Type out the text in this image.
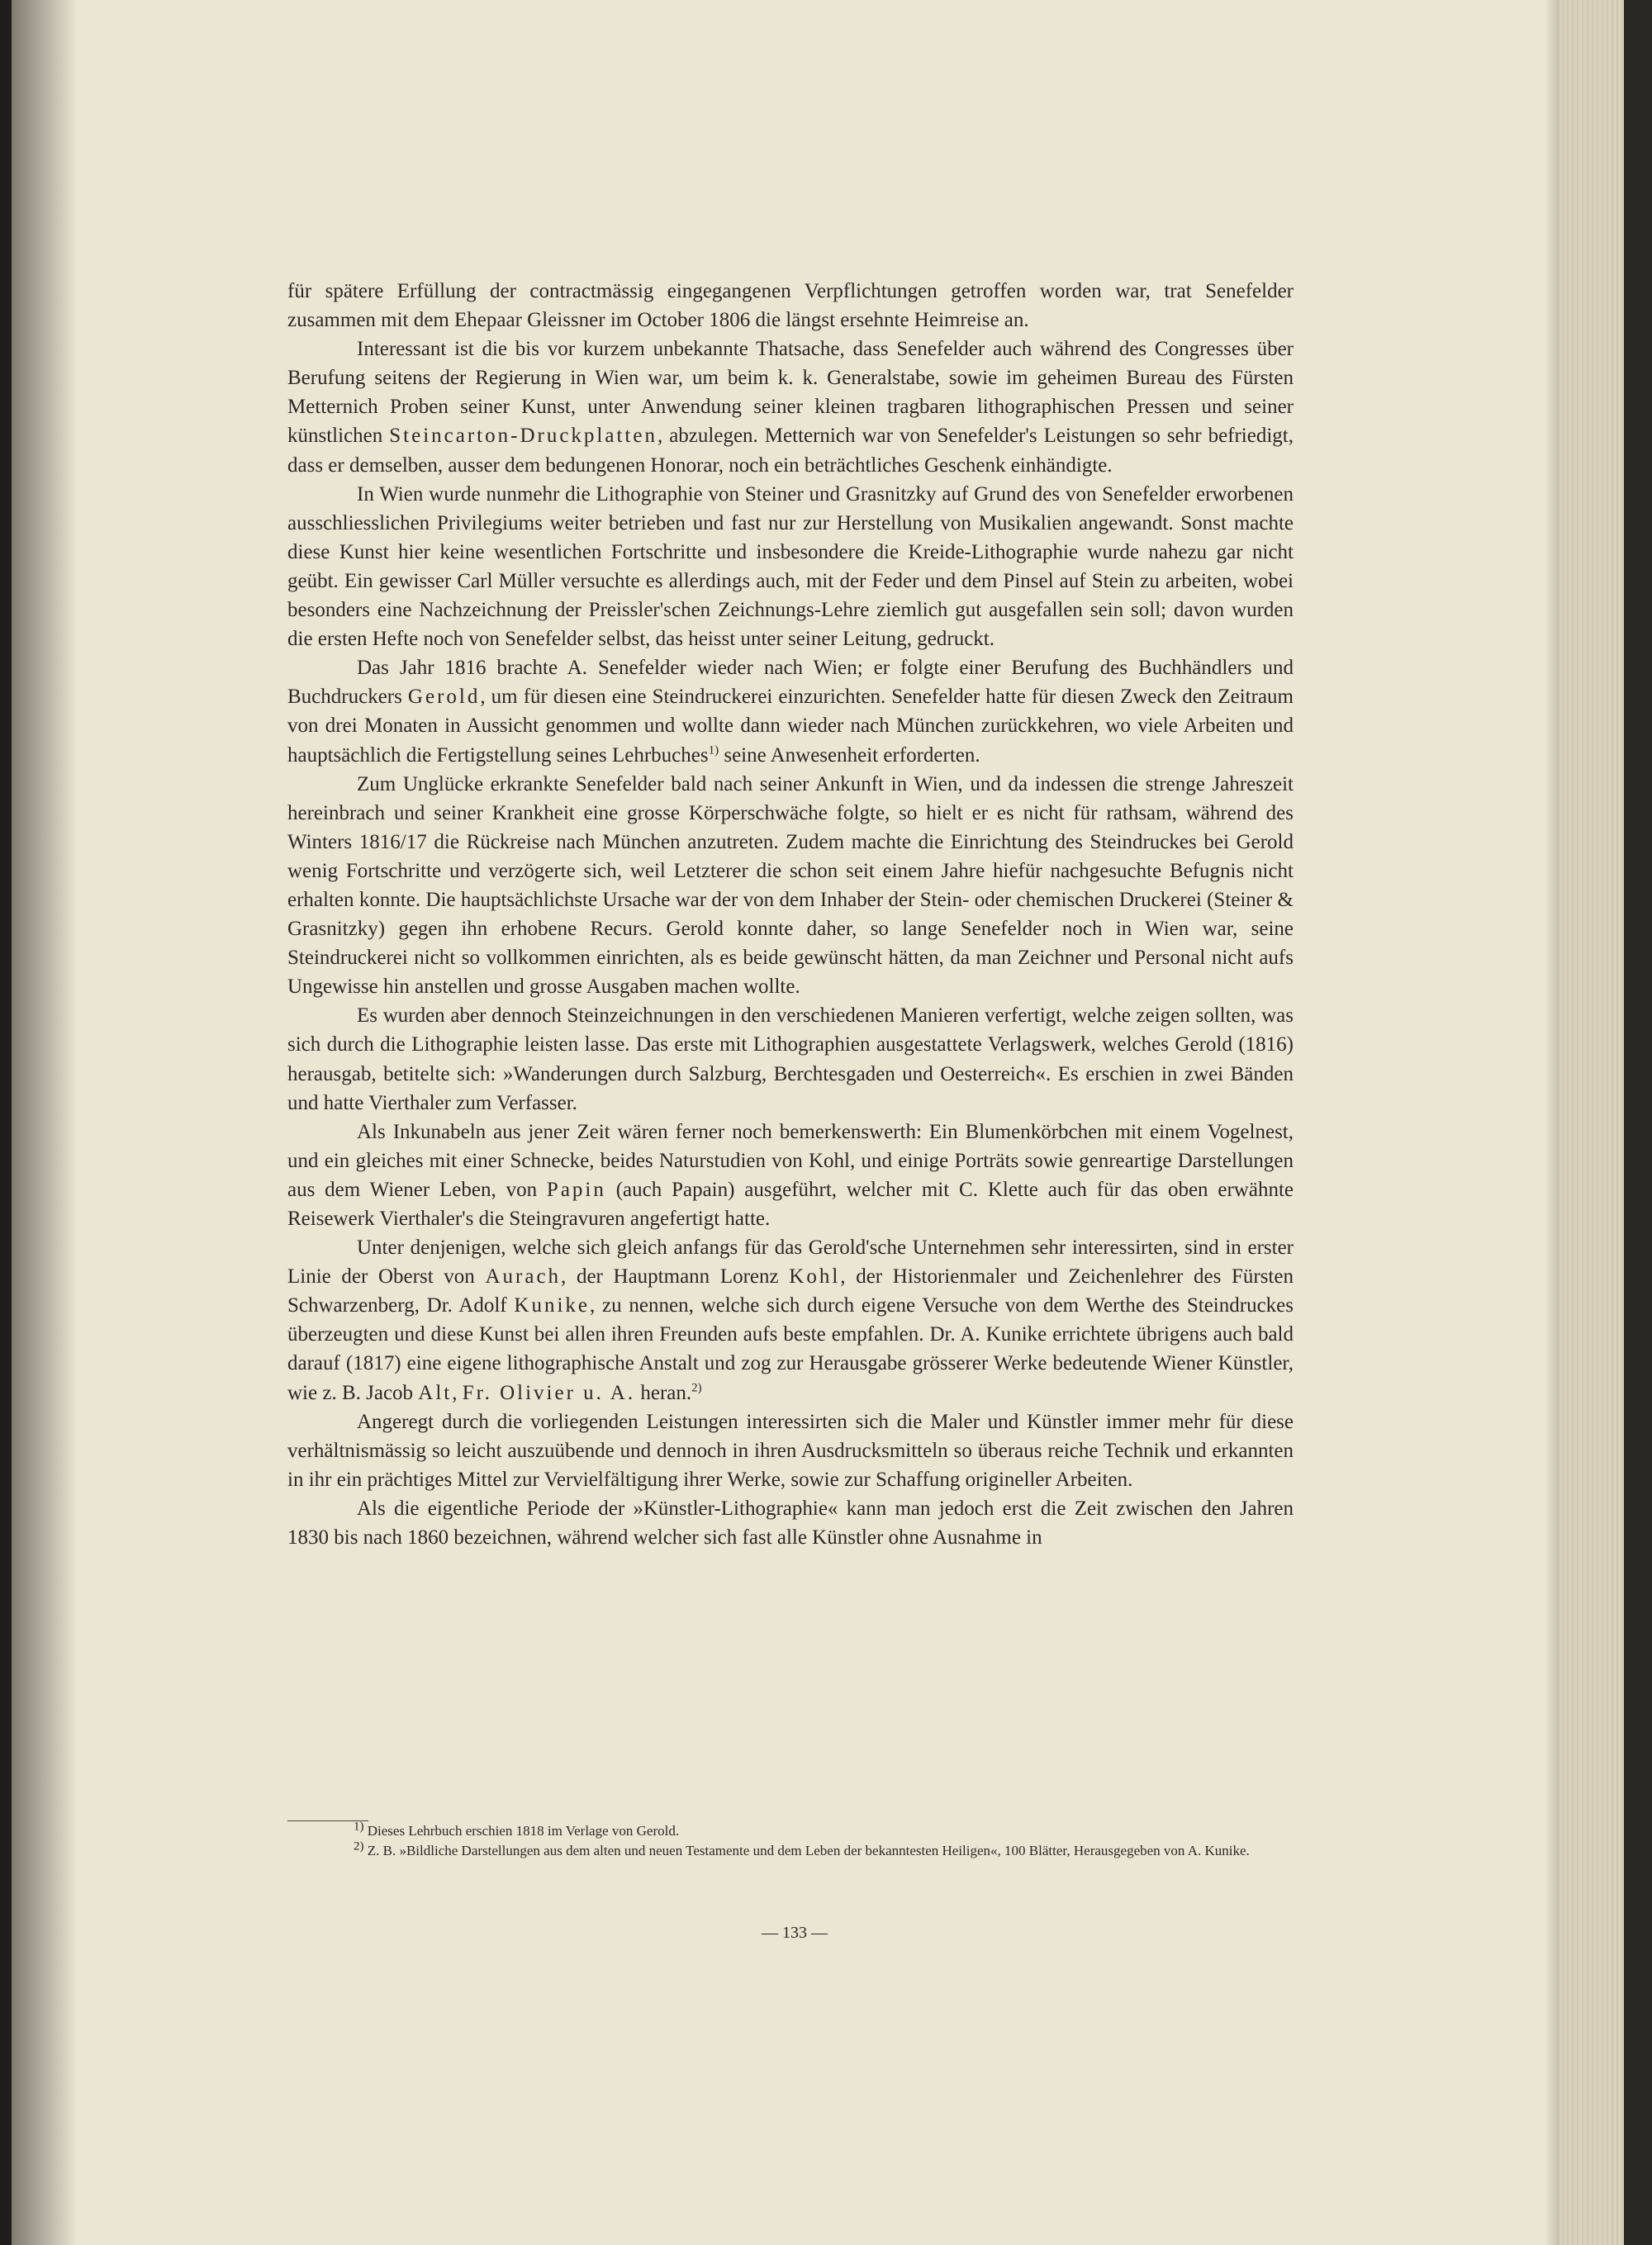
für spätere Erfüllung der contractmässig eingegangenen Verpflichtungen getroffen worden war, trat Senefelder zusammen mit dem Ehepaar Gleissner im October 1806 die längst ersehnte Heimreise an.

Interessant ist die bis vor kurzem unbekannte Thatsache, dass Senefelder auch während des Congresses über Berufung seitens der Regierung in Wien war, um beim k. k. Generalstabe, sowie im geheimen Bureau des Fürsten Metternich Proben seiner Kunst, unter Anwendung seiner kleinen tragbaren lithographischen Pressen und seiner künstlichen Steincarton-Druckplatten, abzulegen. Metternich war von Senefelder's Leistungen so sehr befriedigt, dass er demselben, ausser dem bedungenen Honorar, noch ein beträchtliches Geschenk einhändigte.

In Wien wurde nunmehr die Lithographie von Steiner und Grasnitzky auf Grund des von Senefelder erworbenen ausschliesslichen Privilegiums weiter betrieben und fast nur zur Herstellung von Musikalien angewandt. Sonst machte diese Kunst hier keine wesentlichen Fortschritte und insbesondere die Kreide-Lithographie wurde nahezu gar nicht geübt. Ein gewisser Carl Müller versuchte es allerdings auch, mit der Feder und dem Pinsel auf Stein zu arbeiten, wobei besonders eine Nachzeichnung der Preissler'schen Zeichnungs-Lehre ziemlich gut ausgefallen sein soll; davon wurden die ersten Hefte noch von Senefelder selbst, das heisst unter seiner Leitung, gedruckt.

Das Jahr 1816 brachte A. Senefelder wieder nach Wien; er folgte einer Berufung des Buchhändlers und Buchdruckers Gerold, um für diesen eine Steindruckerei einzurichten. Senefelder hatte für diesen Zweck den Zeitraum von drei Monaten in Aussicht genommen und wollte dann wieder nach München zurückkehren, wo viele Arbeiten und hauptsächlich die Fertigstellung seines Lehrbuches$^{1)}$ seine Anwesenheit erforderten.

Zum Unglücke erkrankte Senefelder bald nach seiner Ankunft in Wien, und da indessen die strenge Jahreszeit hereinbrach und seiner Krankheit eine grosse Körperschwäche folgte, so hielt er es nicht für rathsam, während des Winters 1816/17 die Rückreise nach München anzutreten. Zudem machte die Einrichtung des Steindruckes bei Gerold wenig Fortschritte und verzögerte sich, weil Letzterer die schon seit einem Jahre hiefür nachgesuchte Befugnis nicht erhalten konnte. Die hauptsächlichste Ursache war der von dem Inhaber der Stein- oder chemischen Druckerei (Steiner & Grasnitzky) gegen ihn erhobene Recurs. Gerold konnte daher, so lange Senefelder noch in Wien war, seine Steindruckerei nicht so vollkommen einrichten, als es beide gewünscht hätten, da man Zeichner und Personal nicht aufs Ungewisse hin anstellen und grosse Ausgaben machen wollte.

Es wurden aber dennoch Steinzeichnungen in den verschiedenen Manieren verfertigt, welche zeigen sollten, was sich durch die Lithographie leisten lasse. Das erste mit Lithographien ausgestattete Verlagswerk, welches Gerold (1816) herausgab, betitelte sich: »Wanderungen durch Salzburg, Berchtesgaden und Oesterreich«. Es erschien in zwei Bänden und hatte Vierthaler zum Verfasser.

Als Inkunabeln aus jener Zeit wären ferner noch bemerkenswerth: Ein Blumenkörbchen mit einem Vogelnest, und ein gleiches mit einer Schnecke, beides Naturstudien von Kohl, und einige Porträts sowie genreartige Darstellungen aus dem Wiener Leben, von Papin (auch Papain) ausgeführt, welcher mit C. Klette auch für das oben erwähnte Reisewerk Vierthaler's die Steingravuren angefertigt hatte.

Unter denjenigen, welche sich gleich anfangs für das Gerold'sche Unternehmen sehr interessirten, sind in erster Linie der Oberst von Aurach, der Hauptmann Lorenz Kohl, der Historienmaler und Zeichenlehrer des Fürsten Schwarzenberg, Dr. Adolf Kunike, zu nennen, welche sich durch eigene Versuche von dem Werthe des Steindruckes überzeugten und diese Kunst bei allen ihren Freunden aufs beste empfahlen. Dr. A. Kunike errichtete übrigens auch bald darauf (1817) eine eigene lithographische Anstalt und zog zur Herausgabe grösserer Werke bedeutende Wiener Künstler, wie z. B. Jacob Alt, Fr. Olivier u. A. heran.$^{2)}$

Angeregt durch die vorliegenden Leistungen interessirten sich die Maler und Künstler immer mehr für diese verhältnismässig so leicht auszuübende und dennoch in ihren Ausdrucksmitteln so überaus reiche Technik und erkannten in ihr ein prächtiges Mittel zur Vervielfältigung ihrer Werke, sowie zur Schaffung origineller Arbeiten.

Als die eigentliche Periode der »Künstler-Lithographie« kann man jedoch erst die Zeit zwischen den Jahren 1830 bis nach 1860 bezeichnen, während welcher sich fast alle Künstler ohne Ausnahme in

$^{1)}$ Dieses Lehrbuch erschien 1818 im Verlage von Gerold.

$^{2)}$ Z. B. »Bildliche Darstellungen aus dem alten und neuen Testamente und dem Leben der bekanntesten Heiligen«, 100 Blätter, Herausgegeben von A. Kunike.

— 133 —
